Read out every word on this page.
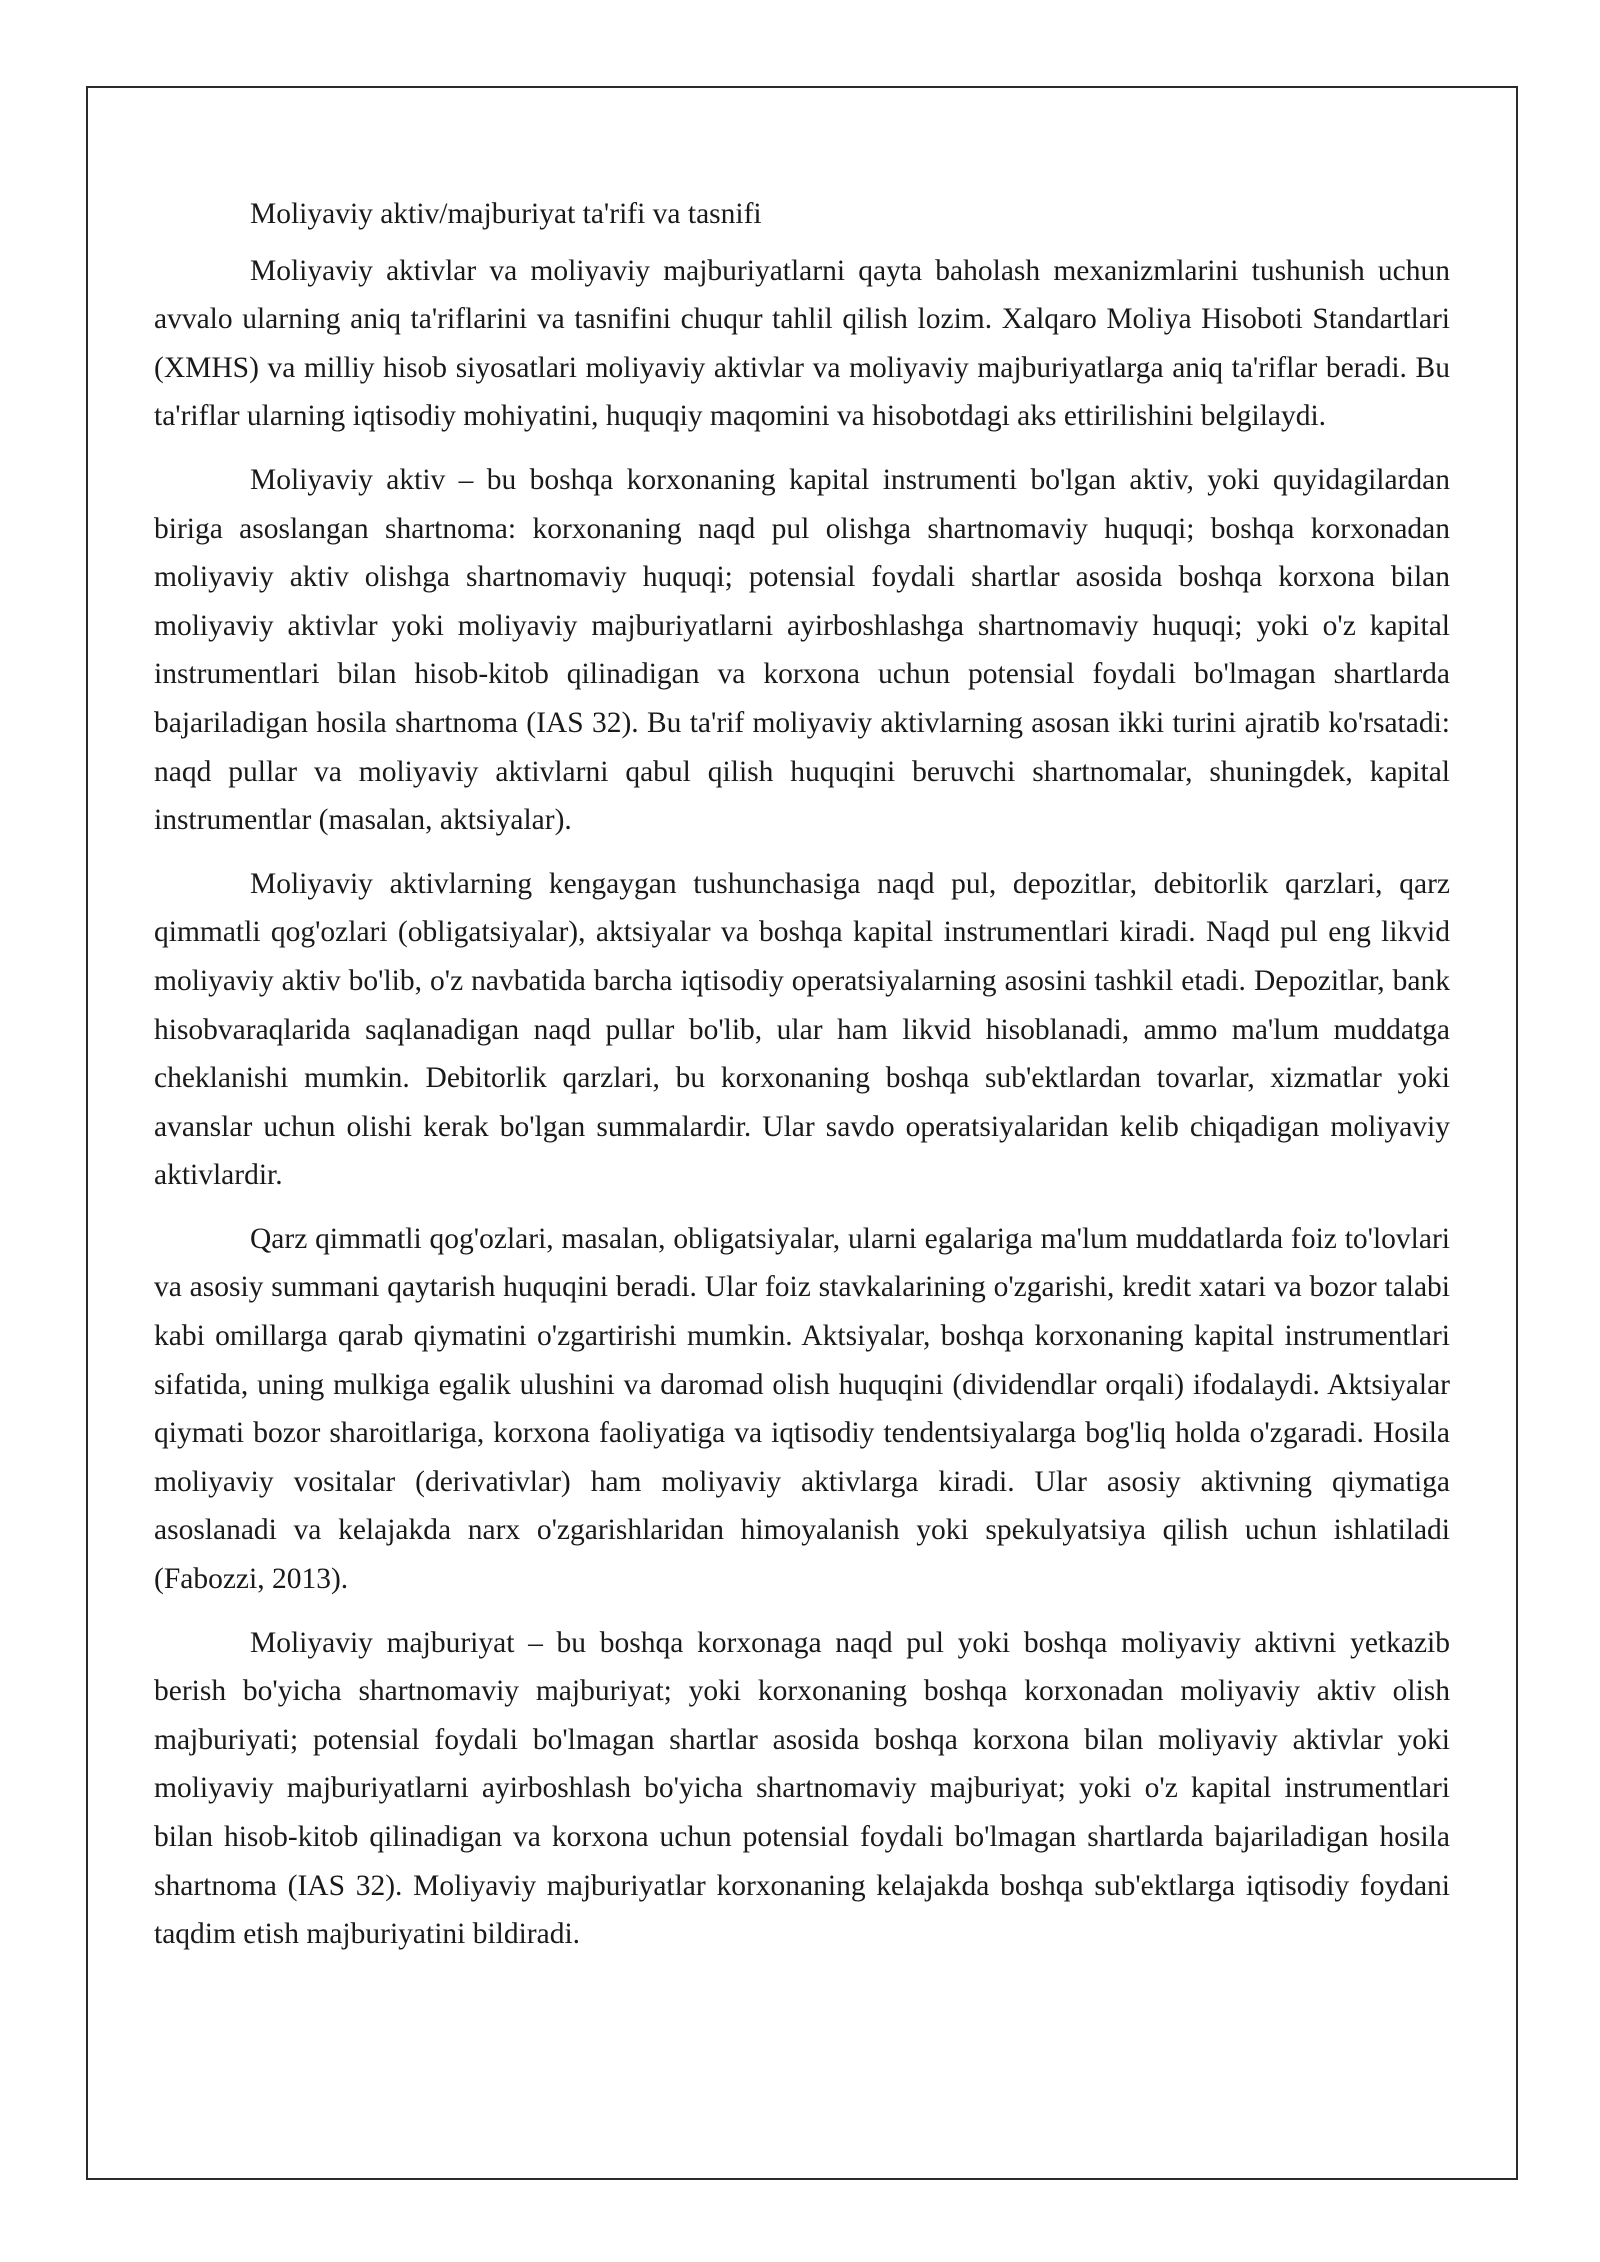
Moliyaviy aktiv/majburiyat ta'rifi va tasnifi

Moliyaviy aktivlar va moliyaviy majburiyatlarni qayta baholash mexanizmlarini tushunish uchun avvalo ularning aniq ta'riflarini va tasnifini chuqur tahlil qilish lozim. Xalqaro Moliya Hisoboti Standartlari (XMHS) va milliy hisob siyosatlari moliyaviy aktivlar va moliyaviy majburiyatlarga aniq ta'riflar beradi. Bu ta'riflar ularning iqtisodiy mohiyatini, huquqiy maqomini va hisobotdagi aks ettirilishini belgilaydi.

Moliyaviy aktiv – bu boshqa korxonaning kapital instrumenti bo'lgan aktiv, yoki quyidagilardan biriga asoslangan shartnoma: korxonaning naqd pul olishga shartnomaviy huquqi; boshqa korxonadan moliyaviy aktiv olishga shartnomaviy huquqi; potensial foydali shartlar asosida boshqa korxona bilan moliyaviy aktivlar yoki moliyaviy majburiyatlarni ayirboshlashga shartnomaviy huquqi; yoki o'z kapital instrumentlari bilan hisob-kitob qilinadigan va korxona uchun potensial foydali bo'lmagan shartlarda bajariladigan hosila shartnoma (IAS 32). Bu ta'rif moliyaviy aktivlarning asosan ikki turini ajratib ko'rsatadi: naqd pullar va moliyaviy aktivlarni qabul qilish huquqini beruvchi shartnomalar, shuningdek, kapital instrumentlar (masalan, aktsiyalar).

Moliyaviy aktivlarning kengaygan tushunchasiga naqd pul, depozitlar, debitorlik qarzlari, qarz qimmatli qog'ozlari (obligatsiyalar), aktsiyalar va boshqa kapital instrumentlari kiradi. Naqd pul eng likvid moliyaviy aktiv bo'lib, o'z navbatida barcha iqtisodiy operatsiyalarning asosini tashkil etadi. Depozitlar, bank hisobvaraqlarida saqlanadigan naqd pullar bo'lib, ular ham likvid hisoblanadi, ammo ma'lum muddatga cheklanishi mumkin. Debitorlik qarzlari, bu korxonaning boshqa sub'ektlardan tovarlar, xizmatlar yoki avanslar uchun olishi kerak bo'lgan summalardir. Ular savdo operatsiyalaridan kelib chiqadigan moliyaviy aktivlardir.

Qarz qimmatli qog'ozlari, masalan, obligatsiyalar, ularni egalariga ma'lum muddatlarda foiz to'lovlari va asosiy summani qaytarish huquqini beradi. Ular foiz stavkalarining o'zgarishi, kredit xatari va bozor talabi kabi omillarga qarab qiymatini o'zgartirishi mumkin. Aktsiyalar, boshqa korxonaning kapital instrumentlari sifatida, uning mulkiga egalik ulushini va daromad olish huquqini (dividendlar orqali) ifodalaydi. Aktsiyalar qiymati bozor sharoitlariga, korxona faoliyatiga va iqtisodiy tendentsiyalarga bog'liq holda o'zgaradi. Hosila moliyaviy vositalar (derivativlar) ham moliyaviy aktivlarga kiradi. Ular asosiy aktivning qiymatiga asoslanadi va kelajakda narx o'zgarishlaridan himoyalanish yoki spekulyatsiya qilish uchun ishlatiladi (Fabozzi, 2013).

Moliyaviy majburiyat – bu boshqa korxonaga naqd pul yoki boshqa moliyaviy aktivni yetkazib berish bo'yicha shartnomaviy majburiyat; yoki korxonaning boshqa korxonadan moliyaviy aktiv olish majburiyati; potensial foydali bo'lmagan shartlar asosida boshqa korxona bilan moliyaviy aktivlar yoki moliyaviy majburiyatlarni ayirboshlash bo'yicha shartnomaviy majburiyat; yoki o'z kapital instrumentlari bilan hisob-kitob qilinadigan va korxona uchun potensial foydali bo'lmagan shartlarda bajariladigan hosila shartnoma (IAS 32). Moliyaviy majburiyatlar korxonaning kelajakda boshqa sub'ektlarga iqtisodiy foydani taqdim etish majburiyatini bildiradi.
